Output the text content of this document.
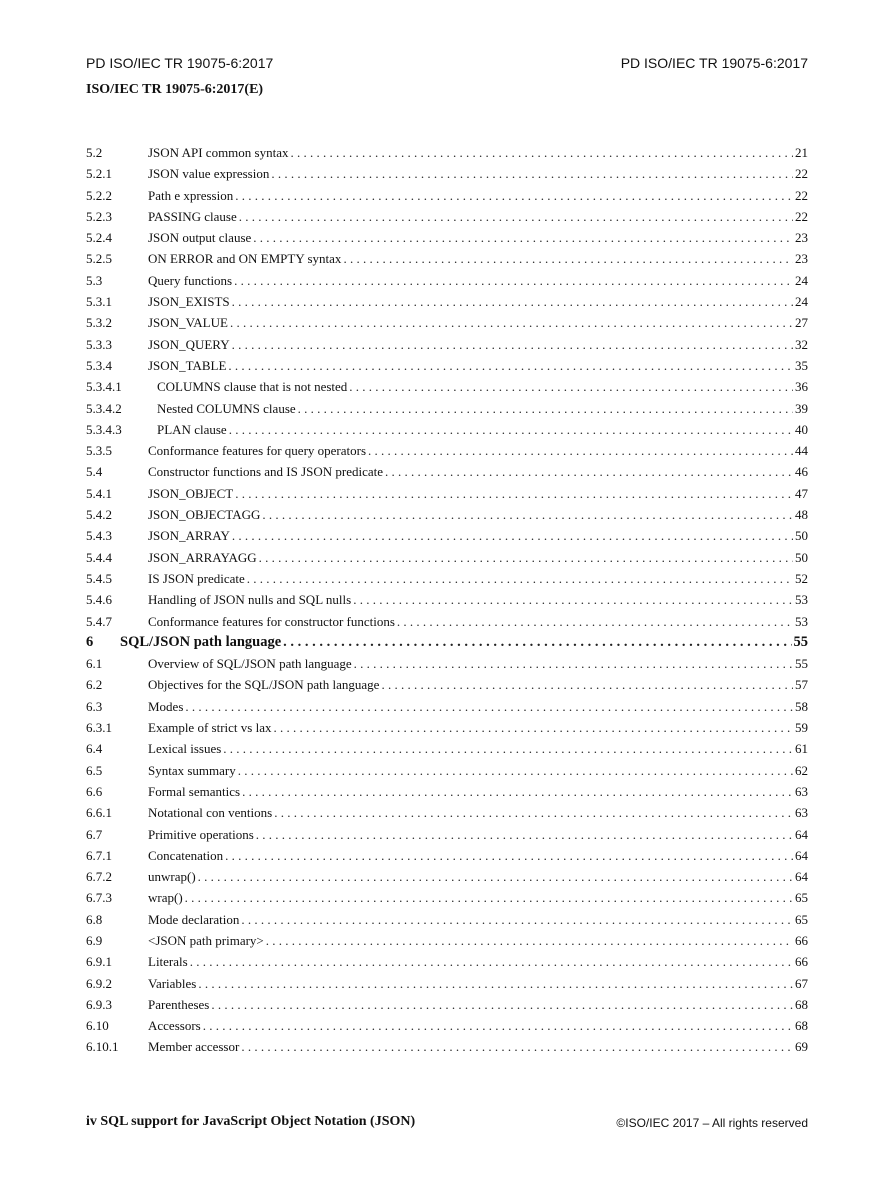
PD ISO/IEC TR 19075-6:2017	PD ISO/IEC TR 19075-6:2017
ISO/IEC TR 19075-6:2017(E)
5.2	JSON API common syntax . . .	21
5.2.1	JSON value expression . . .	22
5.2.2	Path e xpression . . .	22
5.2.3	PASSING clause . . .	22
5.2.4	JSON output clause . . .	23
5.2.5	ON ERROR and ON EMPTY syntax . . .	23
5.3	Query functions . . .	24
5.3.1	JSON_EXISTS . . .	24
5.3.2	JSON_VALUE . . .	27
5.3.3	JSON_QUERY . . .	32
5.3.4	JSON_TABLE . . .	35
5.3.4.1	COLUMNS clause that is not nested . . .	36
5.3.4.2	Nested COLUMNS clause . . .	39
5.3.4.3	PLAN clause . . .	40
5.3.5	Conformance features for query operators . . .	44
5.4	Constructor functions and IS JSON predicate . . .	46
5.4.1	JSON_OBJECT . . .	47
5.4.2	JSON_OBJECTAGG . . .	48
5.4.3	JSON_ARRAY . . .	50
5.4.4	JSON_ARRAYAGG . . .	50
5.4.5	IS JSON predicate . . .	52
5.4.6	Handling of JSON nulls and SQL nulls . . .	53
5.4.7	Conformance features for constructor functions . . .	53
6	SQL/JSON path language . . .	55
6.1	Overview of SQL/JSON path language . . .	55
6.2	Objectives for the SQL/JSON path language . . .	57
6.3	Modes . . .	58
6.3.1	Example of strict vs lax . . .	59
6.4	Lexical issues . . .	61
6.5	Syntax summary . . .	62
6.6	Formal semantics . . .	63
6.6.1	Notational con ventions . . .	63
6.7	Primitive operations . . .	64
6.7.1	Concatenation . . .	64
6.7.2	unwrap() . . .	64
6.7.3	wrap() . . .	65
6.8	Mode declaration . . .	65
6.9	<JSON path primary> . . .	66
6.9.1	Literals . . .	66
6.9.2	Variables . . .	67
6.9.3	Parentheses . . .	68
6.10	Accessors . . .	68
6.10.1	Member accessor . . .	69
iv SQL support for JavaScript Object Notation (JSON)	©ISO/IEC 2017 – All rights reserved
